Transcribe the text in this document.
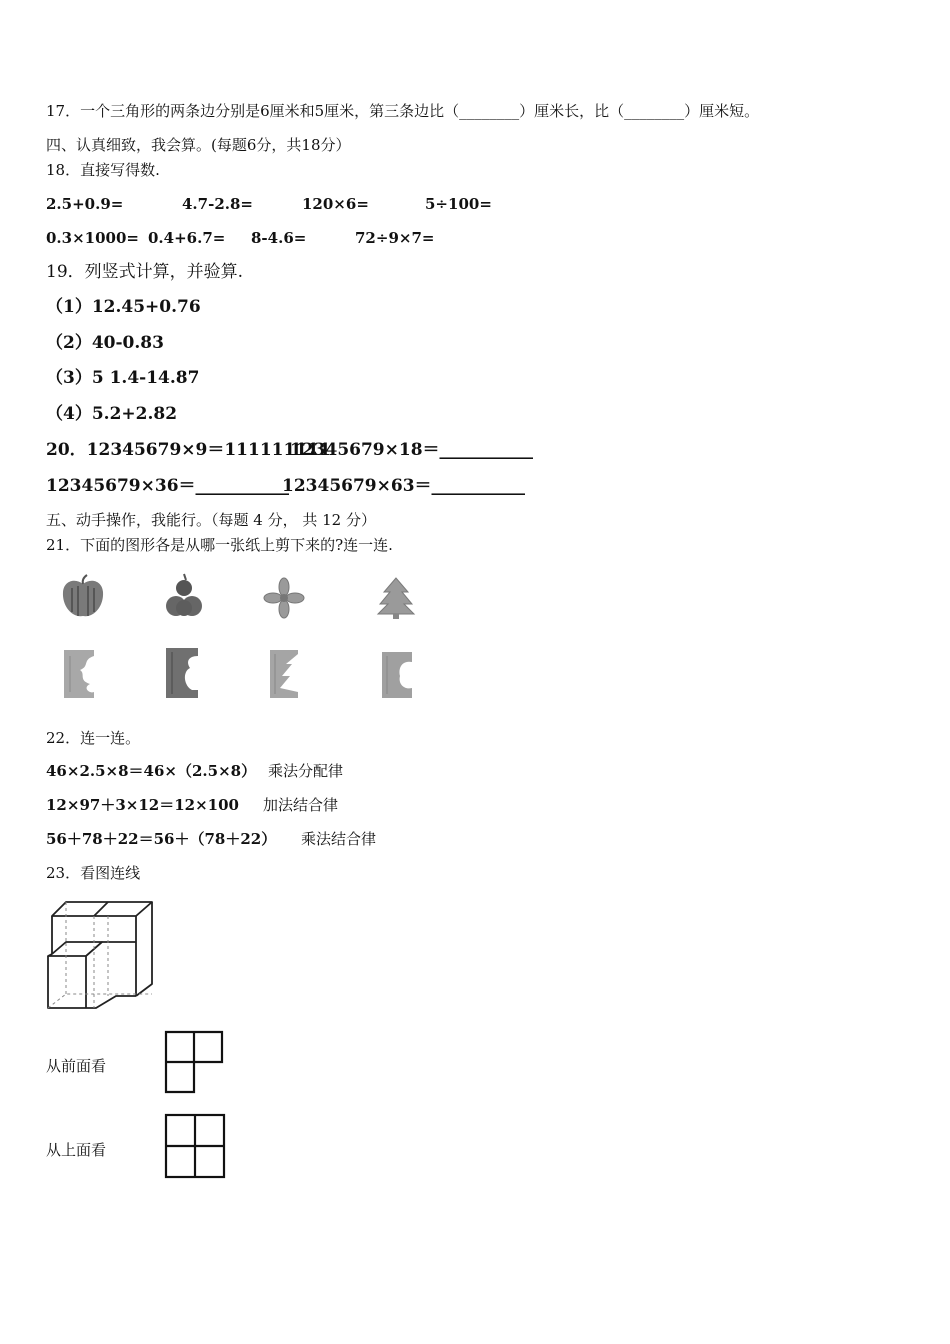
17．一个三角形的两条边分别是6厘米和5厘米，第三条边比（________）厘米长，比（________）厘米短。
四、认真细致，我会算。(每题6分，共18分）
18．直接写得数.
2.5+0.9=	4.7-2.8=	120×6=	5÷100=
0.3×1000= 0.4+6.7= 8-4.6=	72÷9×7=
19．列竖式计算，并验算.
（1）12.45+0.76
（2）40-0.83
（3）5 1.4-14.87
（4）5.2+2.82
20．12345679×9＝111111111
12345679×18＝___________
12345679×36＝___________
12345679×63＝___________
五、动手操作，我能行。（每题 4 分， 共 12 分）
21．下面的图形各是从哪一张纸上剪下来的?连一连.
22．连一连。
46×2.5×8＝46×（2.5×8） 乘法分配律
12×97＋3×12＝12×100 加法结合律
56＋78＋22＝56＋（78＋22） 乘法结合律
23．看图连线
从前面看
从上面看
